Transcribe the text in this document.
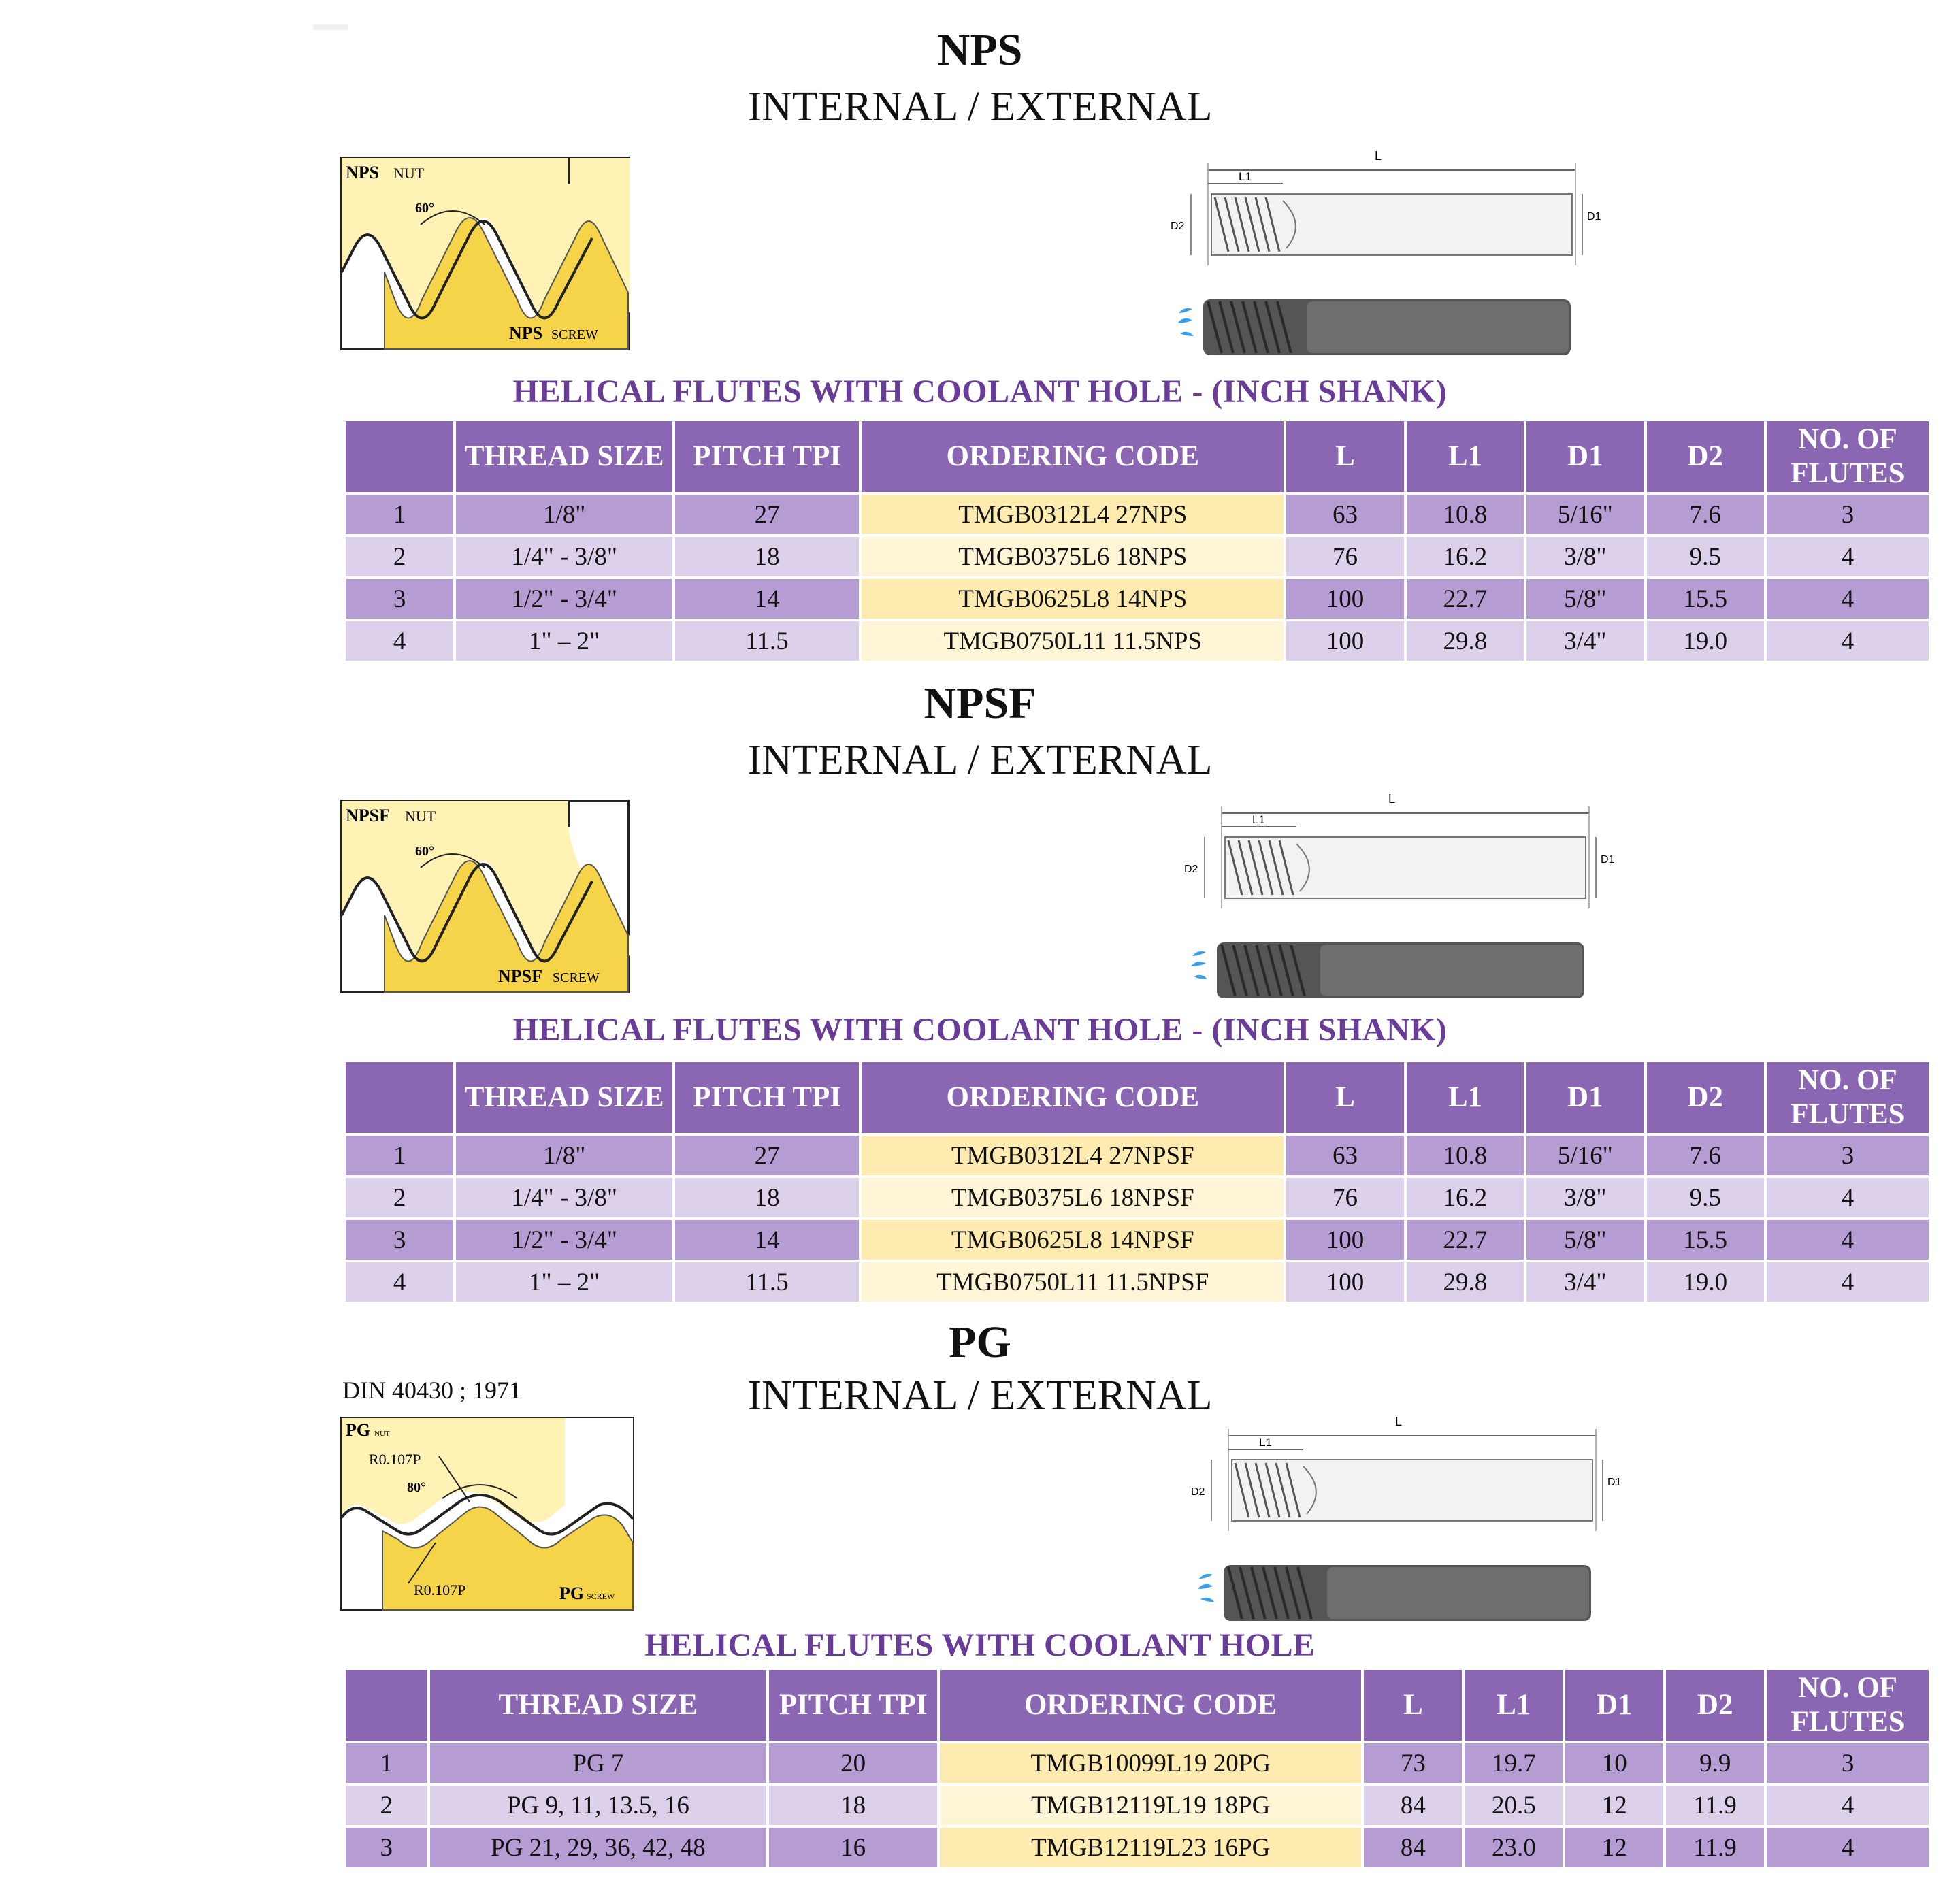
NPS
INTERNAL / EXTERNAL
NPS NUT
60°
NPS SCREW
L
L1
D2
D1
HELICAL FLUTES WITH COOLANT HOLE - (INCH SHANK)
	THREAD SIZE	PITCH TPI	ORDERING CODE	L	L1	D1	D2	NO. OF FLUTES
1	1/8"	27	TMGB0312L4 27NPS	63	10.8	5/16"	7.6	3
2	1/4" - 3/8"	18	TMGB0375L6 18NPS	76	16.2	3/8"	9.5	4
3	1/2" - 3/4"	14	TMGB0625L8 14NPS	100	22.7	5/8"	15.5	4
4	1" – 2"	11.5	TMGB0750L11 11.5NPS	100	29.8	3/4"	19.0	4
NPSF
INTERNAL / EXTERNAL
NPSF NUT
60°
NPSF SCREW
L
L1
D2
D1
HELICAL FLUTES WITH COOLANT HOLE - (INCH SHANK)
	THREAD SIZE	PITCH TPI	ORDERING CODE	L	L1	D1	D2	NO. OF FLUTES
1	1/8"	27	TMGB0312L4 27NPSF	63	10.8	5/16"	7.6	3
2	1/4" - 3/8"	18	TMGB0375L6 18NPSF	76	16.2	3/8"	9.5	4
3	1/2" - 3/4"	14	TMGB0625L8 14NPSF	100	22.7	5/8"	15.5	4
4	1" – 2"	11.5	TMGB0750L11 11.5NPSF	100	29.8	3/4"	19.0	4
PG
INTERNAL / EXTERNAL
DIN 40430 ; 1971
PG NUT
R0.107P
80°
R0.107P	PG SCREW
L
L1
D2
D1
HELICAL FLUTES WITH COOLANT HOLE
	THREAD SIZE	PITCH TPI	ORDERING CODE	L	L1	D1	D2	NO. OF FLUTES
1	PG 7	20	TMGB10099L19 20PG	73	19.7	10	9.9	3
2	PG 9, 11, 13.5, 16	18	TMGB12119L19 18PG	84	20.5	12	11.9	4
3	PG 21, 29, 36, 42, 48	16	TMGB12119L23 16PG	84	23.0	12	11.9	4
